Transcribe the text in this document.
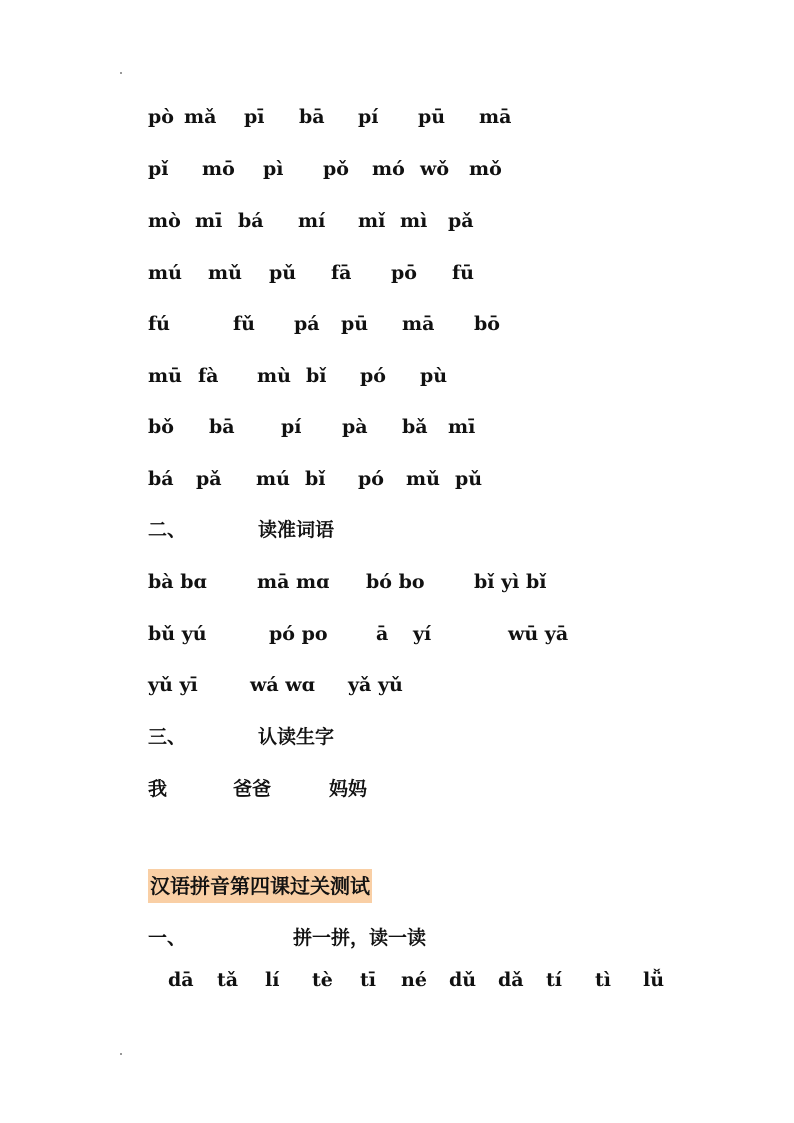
pò mǎ pī bā pí pū mā
pǐ mō pì pǒ mó wǒ mǒ
mò mī bá mí mǐ mì pǎ
mú mǔ pǔ fā pō fū
fú	fǔ pá pū mā bō
mū fà mù bǐ pó pù
bǒ bā pí pà bǎ mī
bá pǎ mú bǐ pó mǔ pǔ
二、	读准词语
bà bɑ	mā mɑ bó bo	bǐ yì bǐ
bǔ yú	pó po	ā yí	wū yā
yǔ yī	wá wɑ yǎ yǔ
三、	认读生字
我	爸爸	妈妈
汉语拼音第四课过关测试
一、	拼一拼，读一读
dā tǎ lí tè tī né dǔ dǎ tí tì lǚ
